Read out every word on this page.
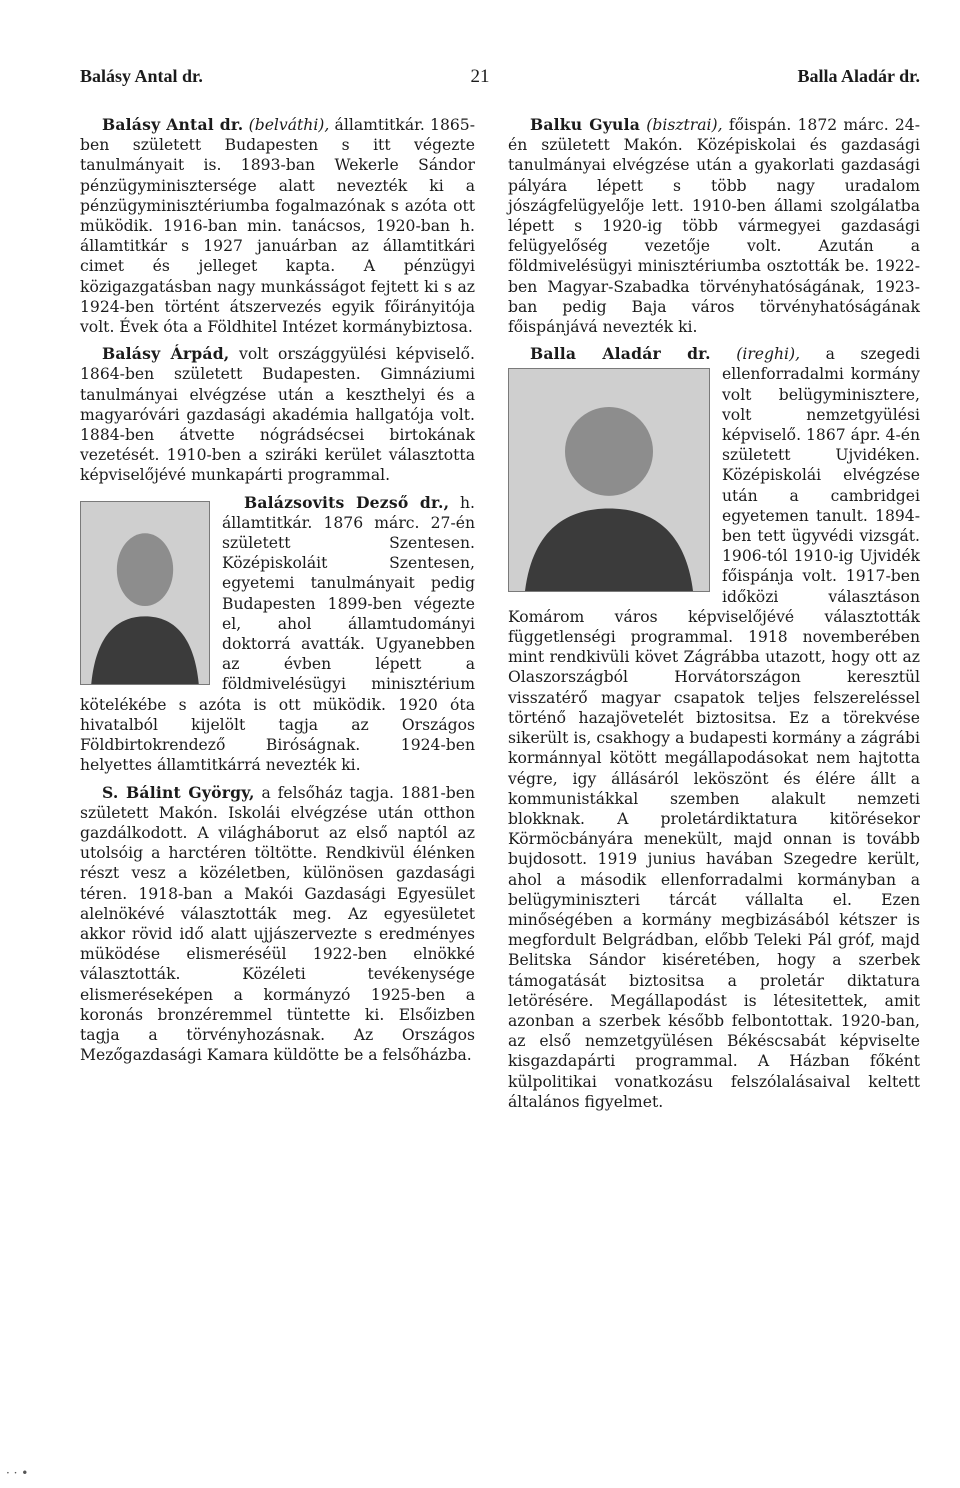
Balásy Antal dr.	21	Balla Aladár dr.

Balásy Antal dr. (belváthi), államtitkár. 1865-ben született Budapesten s itt végezte tanulmányait is. 1893-ban Wekerle Sándor pénzügyminisztersége alatt nevezték ki a pénzügyminisztériumba fogalmazónak s azóta ott müködik. 1916-ban min. tanácsos, 1920-ban h. államtitkár s 1927 januárban az államtitkári cimet és jelleget kapta. A pénzügyi közigazgatásban nagy munkásságot fejtett ki s az 1924-ben történt átszervezés egyik főirányitója volt. Évek óta a Földhitel Intézet kormánybiztosa.

Balásy Árpád, volt országgyülési képviselő. 1864-ben született Budapesten. Gimnáziumi tanulmányai elvégzése után a keszthelyi és a magyaróvári gazdasági akadémia hallgatója volt. 1884-ben átvette nógrádsécsei birtokának vezetését. 1910-ben a sziráki kerület választotta képviselőjévé munkapárti programmal.

Balázsovits Dezső dr., h. államtitkár. 1876 márc. 27-én született Szentesen. Középiskoláit Szentesen, egyetemi tanulmányait pedig Budapesten 1899-ben végezte el, ahol államtudományi doktorrá avatták. Ugyanebben az évben lépett a földmivelésügyi minisztérium kötelékébe s azóta is ott müködik. 1920 óta hivatalból kijelölt tagja az Országos Földbirtokrendező Biróságnak. 1924-ben helyettes államtitkárrá nevezték ki.

S. Bálint György, a felsőház tagja. 1881-ben született Makón. Iskolái elvégzése után otthon gazdálkodott. A világháborut az első naptól az utolsóig a harctéren töltötte. Rendkivül élénken részt vesz a közéletben, különösen gazdasági téren. 1918-ban a Makói Gazdasági Egyesület alelnökévé választották meg. Az egyesületet akkor rövid idő alatt ujjászervezte s eredményes müködése elismeréséül 1922-ben elnökké választották. Közéleti tevékenysége elismeréseképen a kormányzó 1925-ben a koronás bronzéremmel tüntette ki. Elsőizben tagja a törvényhozásnak. Az Országos Mezőgazdasági Kamara küldötte be a felsőházba.

Balku Gyula (bisztrai), főispán. 1872 márc. 24-én született Makón. Középiskolai és gazdasági tanulmányai elvégzése után a gyakorlati gazdasági pályára lépett s több nagy uradalom jószágfelügyelője lett. 1910-ben állami szolgálatba lépett s 1920-ig több vármegyei gazdasági felügyelőség vezetője volt. Azután a földmivelésügyi minisztériumba osztották be. 1922-ben Magyar-Szabadka törvényhatóságának, 1923-ban pedig Baja város törvényhatóságának főispánjává nevezték ki.

Balla Aladár dr. (ireghi), a szegedi ellenforradalmi kormány volt belügyminisztere, volt nemzetgyülési képviselő. 1867 ápr. 4-én született Ujvidéken. Középiskolái elvégzése után a cambridgei egyetemen tanult. 1894-ben tett ügyvédi vizsgát. 1906-tól 1910-ig Ujvidék főispánja volt. 1917-ben időközi választáson Komárom város képviselőjévé választották függetlenségi programmal. 1918 novemberében mint rendkivüli követ Zágrábba utazott, hogy ott az Olaszországból Horvátországon keresztül visszatérő magyar csapatok teljes felszereléssel történő hazajövetelét biztositsa. Ez a törekvése sikerült is, csakhogy a budapesti kormány a zágrábi kormánnyal kötött megállapodásokat nem hajtotta végre, igy állásáról leköszönt és élére állt a kommunistákkal szemben alakult nemzeti blokknak. A proletárdiktatura kitörésekor Körmöcbányára menekült, majd onnan is tovább bujdosott. 1919 junius havában Szegedre került, ahol a második ellenforradalmi kormányban a belügyminiszteri tárcát vállalta el. Ezen minőségében a kormány megbizásából kétszer is megfordult Belgrádban, előbb Teleki Pál gróf, majd Belitska Sándor kiséretében, hogy a szerbek támogatását biztositsa a proletár diktatura letörésére. Megállapodást is létesitettek, amit azonban a szerbek később felbontottak. 1920-ban, az első nemzetgyülésen Békéscsabát képviselte kisgazdapárti programmal. A Házban főként külpolitikai vonatkozásu felszólalásaival keltett általános figyelmet.

· · •
